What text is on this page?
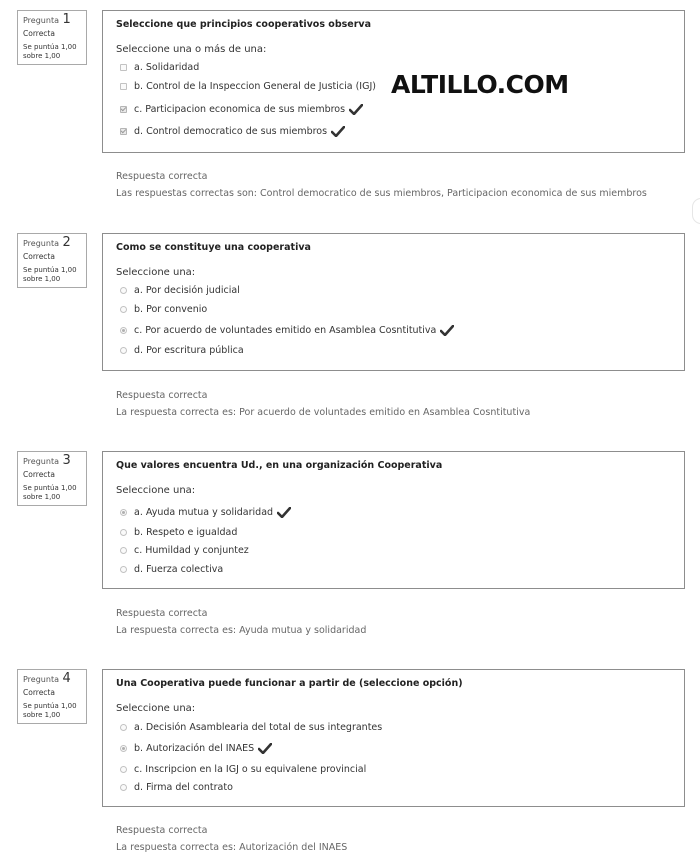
Pregunta 1
Correcta
Se puntúa 1,00
sobre 1,00
Seleccione que principios cooperativos observa
Seleccione una o más de una:
a. Solidaridad
b. Control de la Inspeccion General de Justicia (IGJ)
c. Participacion economica de sus miembros
d. Control democratico de sus miembros
Respuesta correcta
Las respuestas correctas son: Control democratico de sus miembros, Participacion economica de sus miembros
Pregunta 2
Correcta
Se puntúa 1,00
sobre 1,00
Como se constituye una cooperativa
Seleccione una:
a. Por decisión judicial
b. Por convenio
c. Por acuerdo de voluntades emitido en Asamblea Cosntitutiva
d. Por escritura pública
Respuesta correcta
La respuesta correcta es: Por acuerdo de voluntades emitido en Asamblea Cosntitutiva
Pregunta 3
Correcta
Se puntúa 1,00
sobre 1,00
Que valores encuentra Ud., en una organización Cooperativa
Seleccione una:
a. Ayuda mutua y solidaridad
b. Respeto e igualdad
c. Humildad y conjuntez
d. Fuerza colectiva
Respuesta correcta
La respuesta correcta es: Ayuda mutua y solidaridad
Pregunta 4
Correcta
Se puntúa 1,00
sobre 1,00
Una Cooperativa puede funcionar a partir de (seleccione opción)
Seleccione una:
a. Decisión Asamblearia del total de sus integrantes
b. Autorización del INAES
c. Inscripcion en la IGJ o su equivalene provincial
d. Firma del contrato
Respuesta correcta
La respuesta correcta es: Autorización del INAES
ALTILLO.COM
